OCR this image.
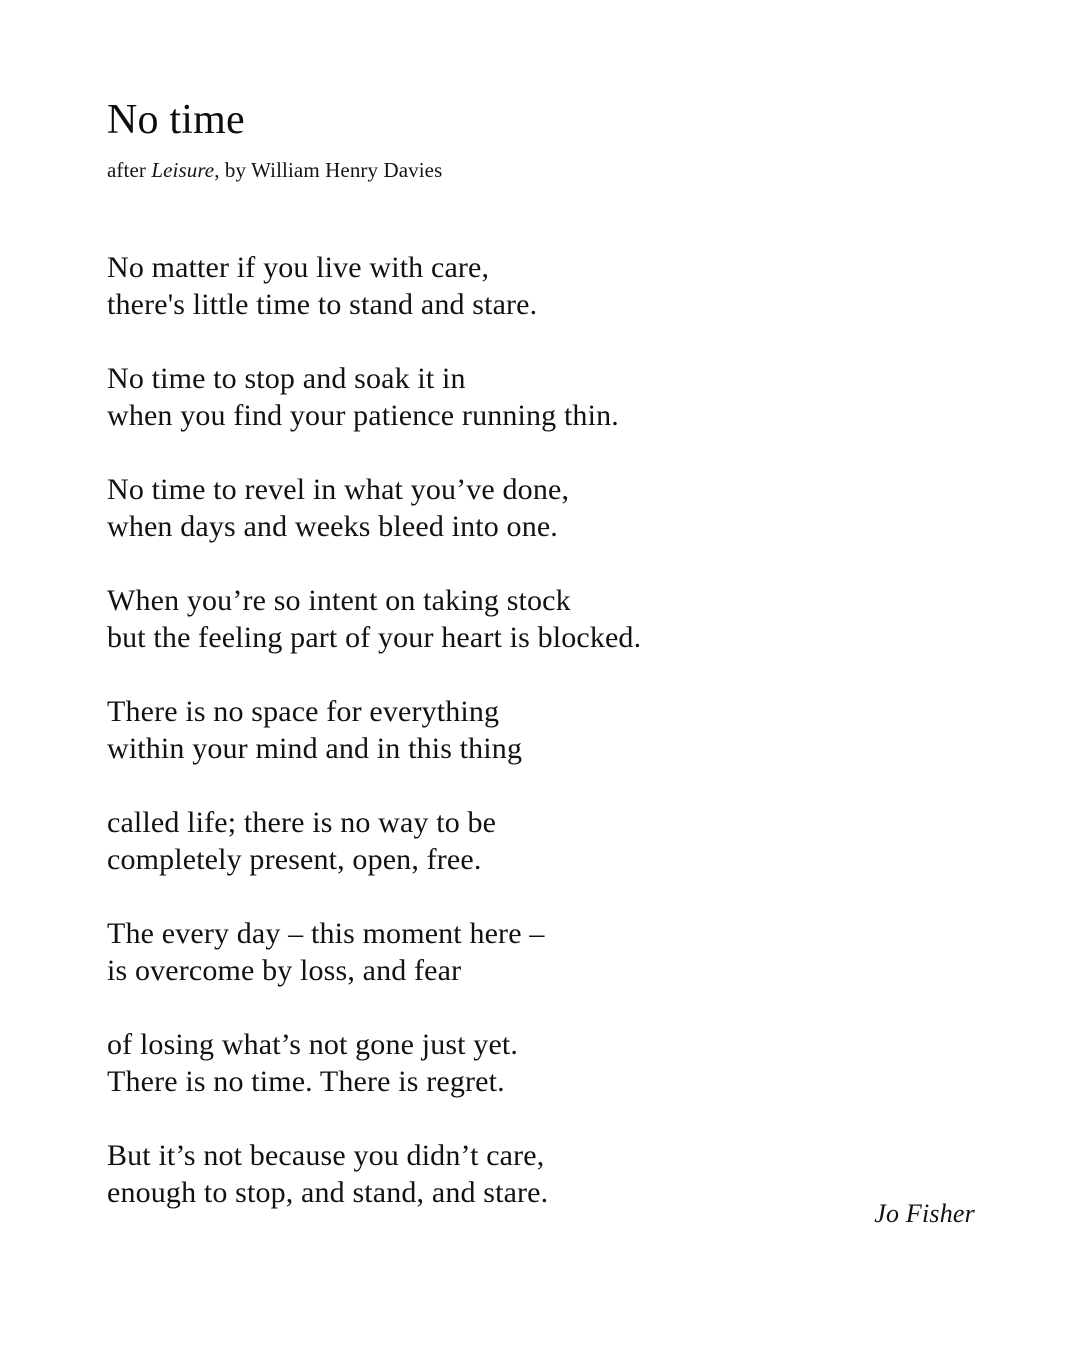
No time

after Leisure, by William Henry Davies

No matter if you live with care,
there's little time to stand and stare.
No time to stop and soak it in
when you find your patience running thin.
No time to revel in what you’ve done,
when days and weeks bleed into one.
When you’re so intent on taking stock
but the feeling part of your heart is blocked.
There is no space for everything
within your mind and in this thing
called life; there is no way to be
completely present, open, free.
The every day – this moment here –
is overcome by loss, and fear
of losing what’s not gone just yet.
There is no time. There is regret.
But it’s not because you didn’t care,
enough to stop, and stand, and stare.
Jo Fisher
